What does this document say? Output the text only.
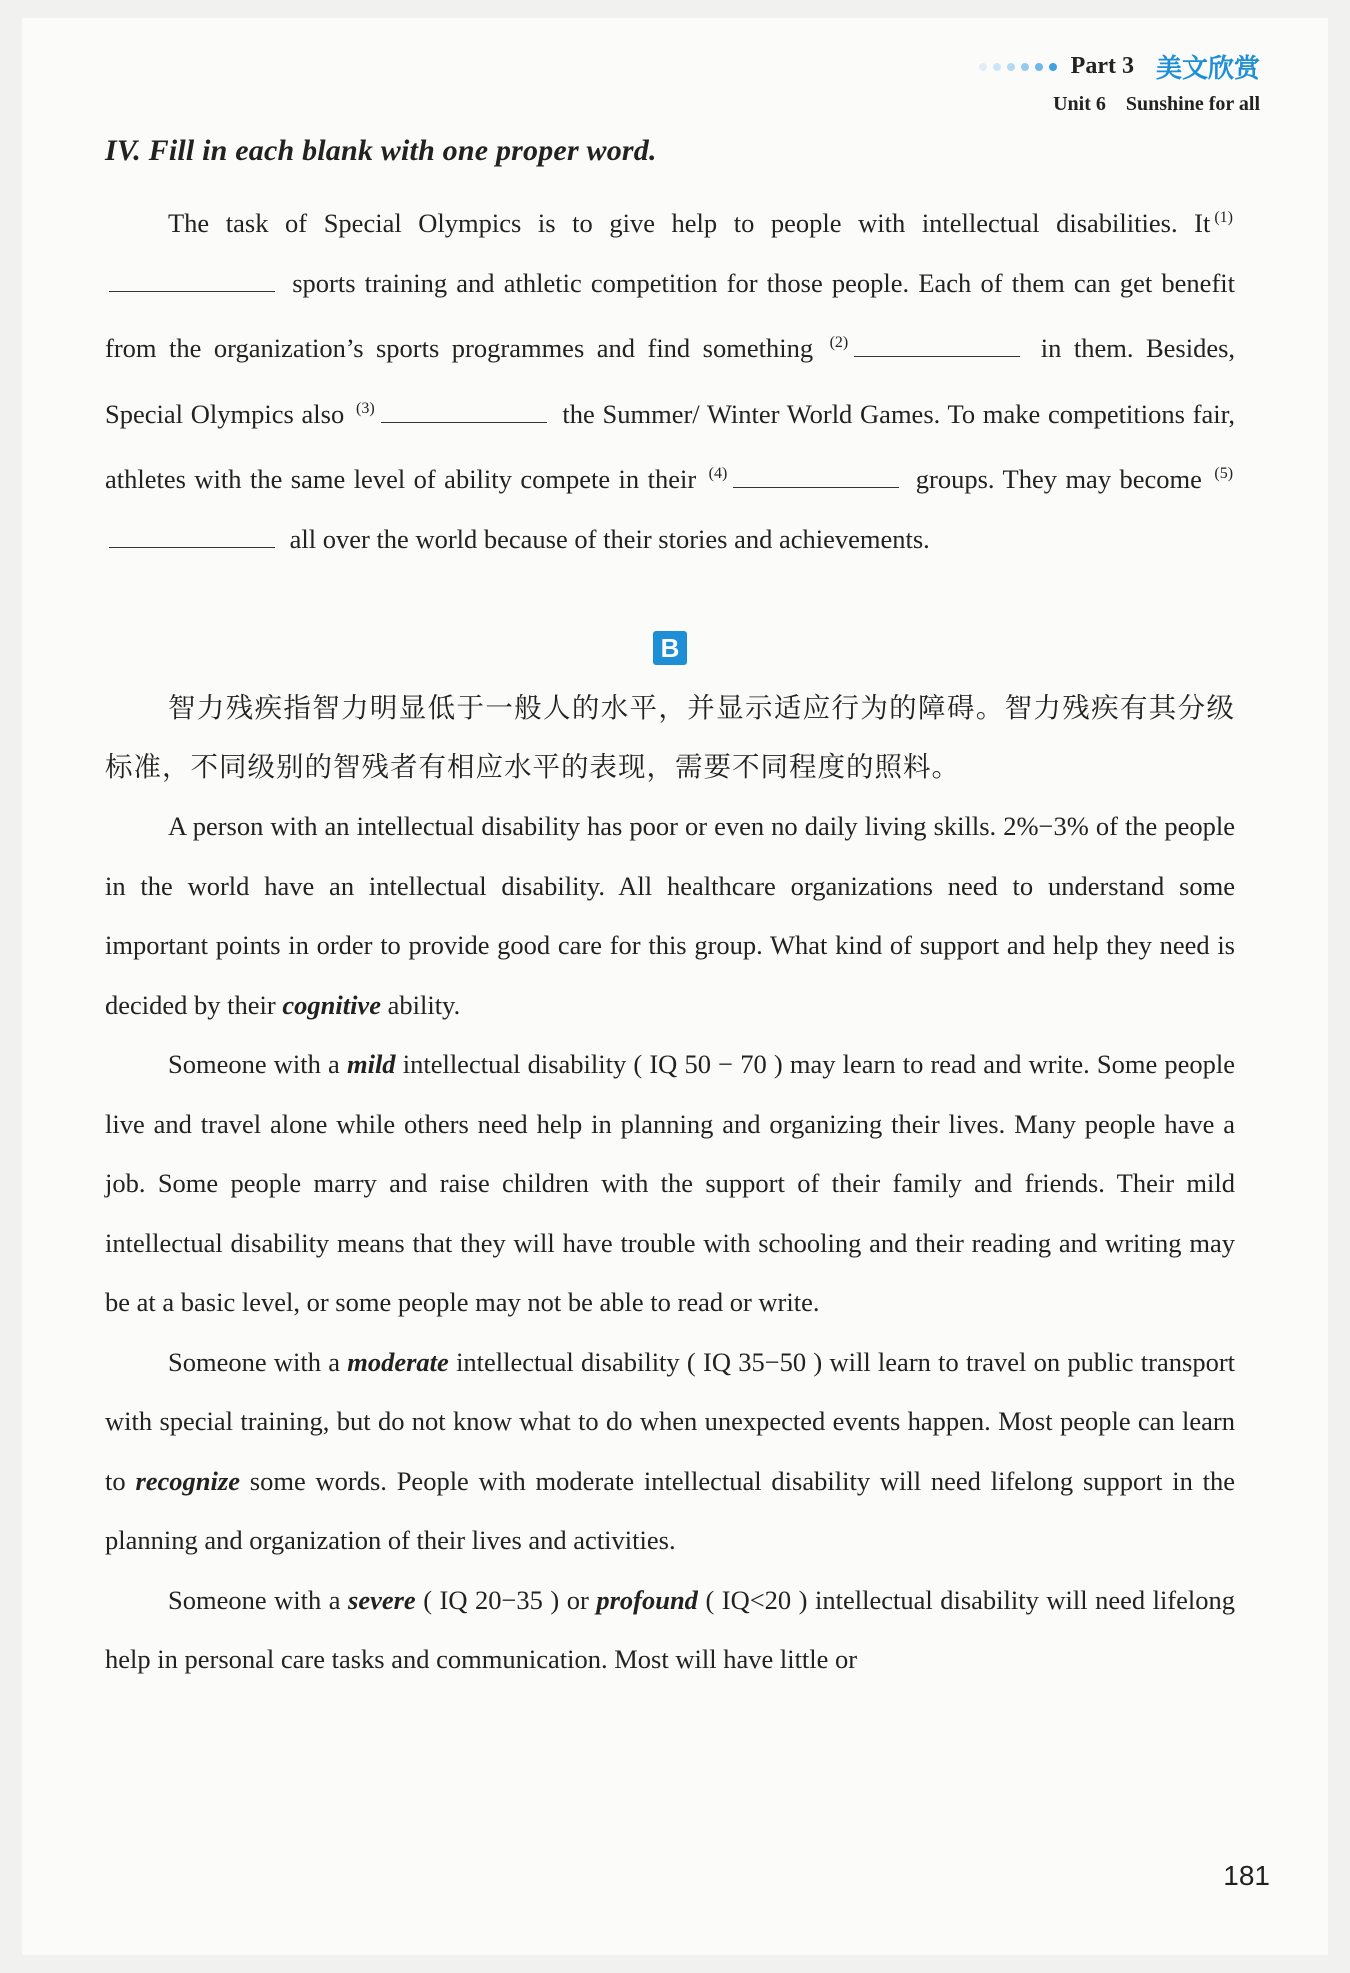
Part 3 美文欣赏
Unit 6 Sunshine for all
IV. Fill in each blank with one proper word.

The task of Special Olympics is to give help to people with intellectual disabilities. It $^{(1)}$ sports training and athletic competition for those people. Each of them can get benefit from the organization’s sports programmes and find something $^{(2)}$	in them. Besides, Special Olympics also $^{(3)}$	the Summer/ Winter World Games. To make competitions fair, athletes with the same level of ability compete in their $^{(4)}$	groups. They may become $^{(5)}$ all over the world because of their stories and achievements.

B

智力残疾指智力明显低于一般人的水平，并显示适应行为的障碍。智力残疾有其分级标准，不同级别的智残者有相应水平的表现，需要不同程度的照料。

A person with an intellectual disability has poor or even no daily living skills. 2%−3% of the people in the world have an intellectual disability. All healthcare organizations need to understand some important points in order to provide good care for this group. What kind of support and help they need is decided by their cognitive ability.

Someone with a mild intellectual disability ( IQ 50 − 70 ) may learn to read and write. Some people live and travel alone while others need help in planning and organizing their lives. Many people have a job. Some people marry and raise children with the support of their family and friends. Their mild intellectual disability means that they will have trouble with schooling and their reading and writing may be at a basic level, or some people may not be able to read or write.

Someone with a moderate intellectual disability ( IQ 35−50 ) will learn to travel on public transport with special training, but do not know what to do when unexpected events happen. Most people can learn to recognize some words. People with moderate intellectual disability will need lifelong support in the planning and organization of their lives and activities.

Someone with a severe ( IQ 20−35 ) or profound ( IQ<20 ) intellectual disability will need lifelong help in personal care tasks and communication. Most will have little or

181
